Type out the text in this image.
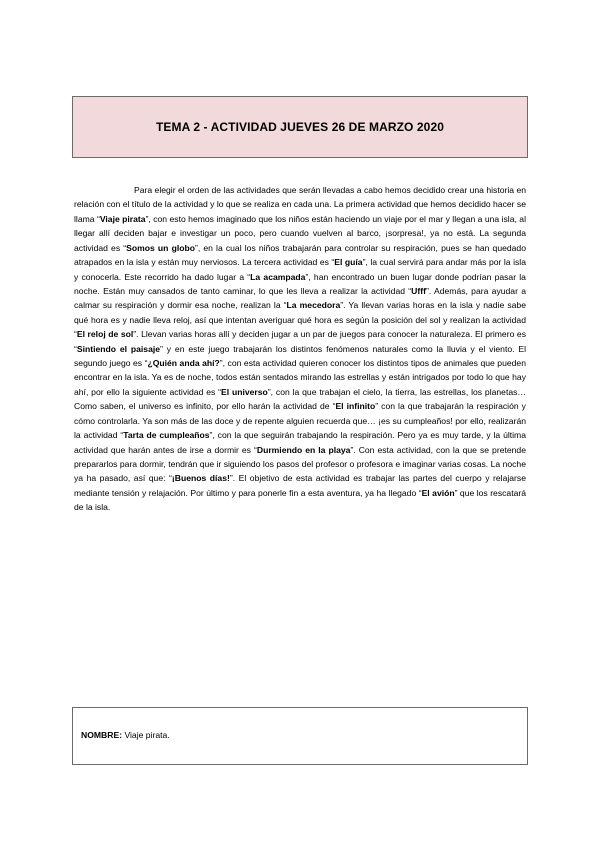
TEMA 2 - ACTIVIDAD JUEVES 26 DE MARZO 2020

Para elegir el orden de las actividades que serán llevadas a cabo hemos decidido crear una historia en relación con el título de la actividad y lo que se realiza en cada una. La primera actividad que hemos decidido hacer se llama “Viaje pirata”, con esto hemos imaginado que los niños están haciendo un viaje por el mar y llegan a una isla, al llegar allí deciden bajar e investigar un poco, pero cuando vuelven al barco, ¡sorpresa!, ya no está. La segunda actividad es “Somos un globo”, en la cual los niños trabajarán para controlar su respiración, pues se han quedado atrapados en la isla y están muy nerviosos. La tercera actividad es “El guía”, la cual servirá para andar más por la isla y conocerla. Este recorrido ha dado lugar a “La acampada”, han encontrado un buen lugar donde podrían pasar la noche. Están muy cansados de tanto caminar, lo que les lleva a realizar la actividad “Ufff”. Además, para ayudar a calmar su respiración y dormir esa noche, realizan la “La mecedora”. Ya llevan varias horas en la isla y nadie sabe qué hora es y nadie lleva reloj, así que intentan averiguar qué hora es según la posición del sol y realizan la actividad “El reloj de sol”. Llevan varias horas allí y deciden jugar a un par de juegos para conocer la naturaleza. El primero es “Sintiendo el paisaje” y en este juego trabajarán los distintos fenómenos naturales como la lluvia y el viento. El segundo juego es “¿Quién anda ahí?”, con esta actividad quieren conocer los distintos tipos de animales que pueden encontrar en la isla. Ya es de noche, todos están sentados mirando las estrellas y están intrigados por todo lo que hay ahí, por ello la siguiente actividad es “El universo”, con la que trabajan el cielo, la tierra, las estrellas, los planetas… Como saben, el universo es infinito, por ello harán la actividad de “El infinito” con la que trabajarán la respiración y cómo controlarla. Ya son más de las doce y de repente alguien recuerda que… ¡es su cumpleaños! por ello, realizarán la actividad “Tarta de cumpleaños”, con la que seguirán trabajando la respiración. Pero ya es muy tarde, y la última actividad que harán antes de irse a dormir es “Durmiendo en la playa”. Con esta actividad, con la que se pretende prepararlos para dormir, tendrán que ir siguiendo los pasos del profesor o profesora e imaginar varias cosas. La noche ya ha pasado, así que: “¡Buenos días!”. El objetivo de esta actividad es trabajar las partes del cuerpo y relajarse mediante tensión y relajación. Por último y para ponerle fin a esta aventura, ya ha llegado “El avión” que los rescatará de la isla.

NOMBRE: Viaje pirata.
